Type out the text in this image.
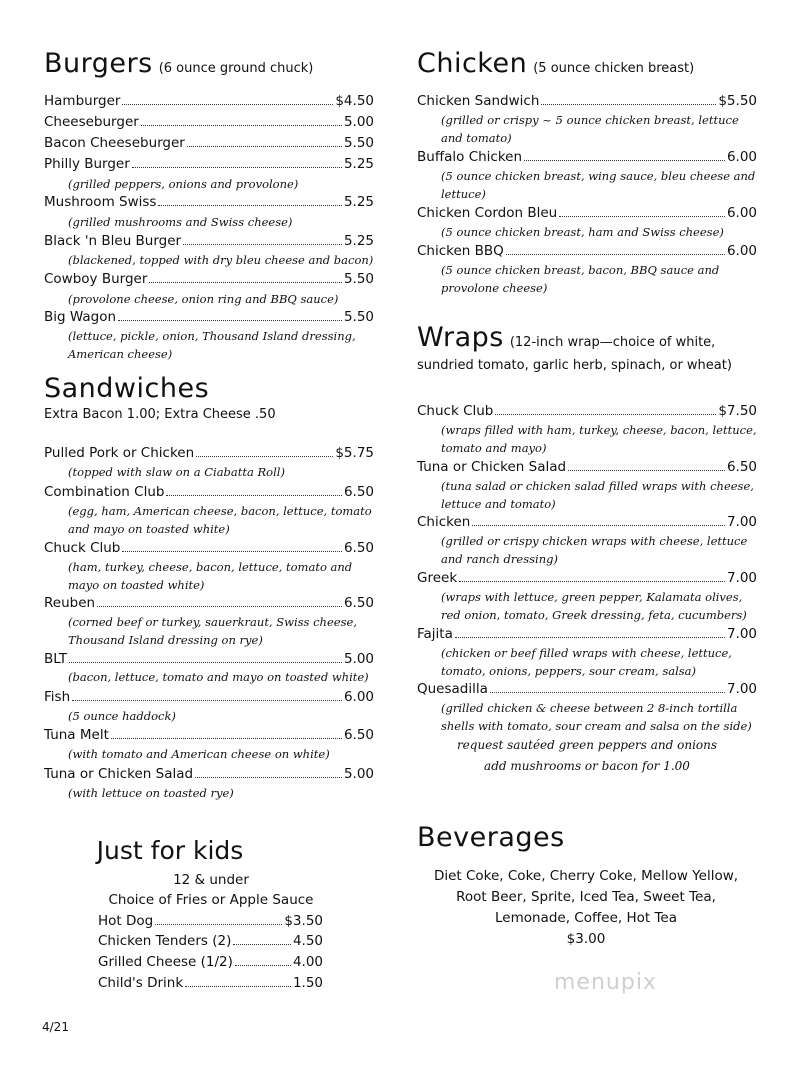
Burgers (6 ounce ground chuck)
Sandwiches
Extra Bacon 1.00; Extra Cheese .50
Hamburger	$4.50
Cheeseburger	5.00
Bacon Cheeseburger	5.50
Philly Burger	5.25
(grilled peppers, onions and provolone)
Mushroom Swiss	5.25
(grilled mushrooms and Swiss cheese)
Black 'n Bleu Burger	5.25
(blackened, topped with dry bleu cheese and bacon)
Cowboy Burger	5.50
(provolone cheese, onion ring and BBQ sauce)
Big Wagon	5.50
(lettuce, pickle, onion, Thousand Island dressing, American cheese)
Pulled Pork or Chicken	$5.75
(topped with slaw on a Ciabatta Roll)
Combination Club	6.50
(egg, ham, American cheese, bacon, lettuce, tomato and mayo on toasted white)
Chuck Club	6.50
(ham, turkey, cheese, bacon, lettuce, tomato and mayo on toasted white)
Reuben	6.50
(corned beef or turkey, sauerkraut, Swiss cheese, Thousand Island dressing on rye)
BLT	5.00
(bacon, lettuce, tomato and mayo on toasted white)
Fish	6.00
(5 ounce haddock)
Tuna Melt	6.50
(with tomato and American cheese on white)
Tuna or Chicken Salad	5.00
(with lettuce on toasted rye)
Just for kids
12 & under
Choice of Fries or Apple Sauce
Hot Dog	$3.50
Chicken Tenders (2)	4.50
Grilled Cheese (1/2)	4.00
Child's Drink	1.50
Chicken (5 ounce chicken breast)
Wraps (12-inch wrap—choice of white,
sundried tomato, garlic herb, spinach, or wheat)
request sautéed green peppers and onions
add mushrooms or bacon for 1.00
Beverages
Chicken Sandwich	$5.50
(grilled or crispy ~ 5 ounce chicken breast, lettuce and tomato)
Buffalo Chicken	6.00
(5 ounce chicken breast, wing sauce, bleu cheese and lettuce)
Chicken Cordon Bleu	6.00
(5 ounce chicken breast, ham and Swiss cheese)
Chicken BBQ	6.00
(5 ounce chicken breast, bacon, BBQ sauce and provolone cheese)
Chuck Club	$7.50
(wraps filled with ham, turkey, cheese, bacon, lettuce, tomato and mayo)
Tuna or Chicken Salad	6.50
(tuna salad or chicken salad filled wraps with cheese, lettuce and tomato)
Chicken	7.00
(grilled or crispy chicken wraps with cheese, lettuce and ranch dressing)
Greek	7.00
(wraps with lettuce, green pepper, Kalamata olives, red onion, tomato, Greek dressing, feta, cucumbers)
Fajita	7.00
(chicken or beef filled wraps with cheese, lettuce, tomato, onions, peppers, sour cream, salsa)
Quesadilla	7.00
(grilled chicken & cheese between 2 8-inch tortilla shells with tomato, sour cream and salsa on the side)
Diet Coke, Coke, Cherry Coke, Mellow Yellow,
Root Beer, Sprite, Iced Tea, Sweet Tea,
Lemonade, Coffee, Hot Tea
$3.00
menupix
4/21
